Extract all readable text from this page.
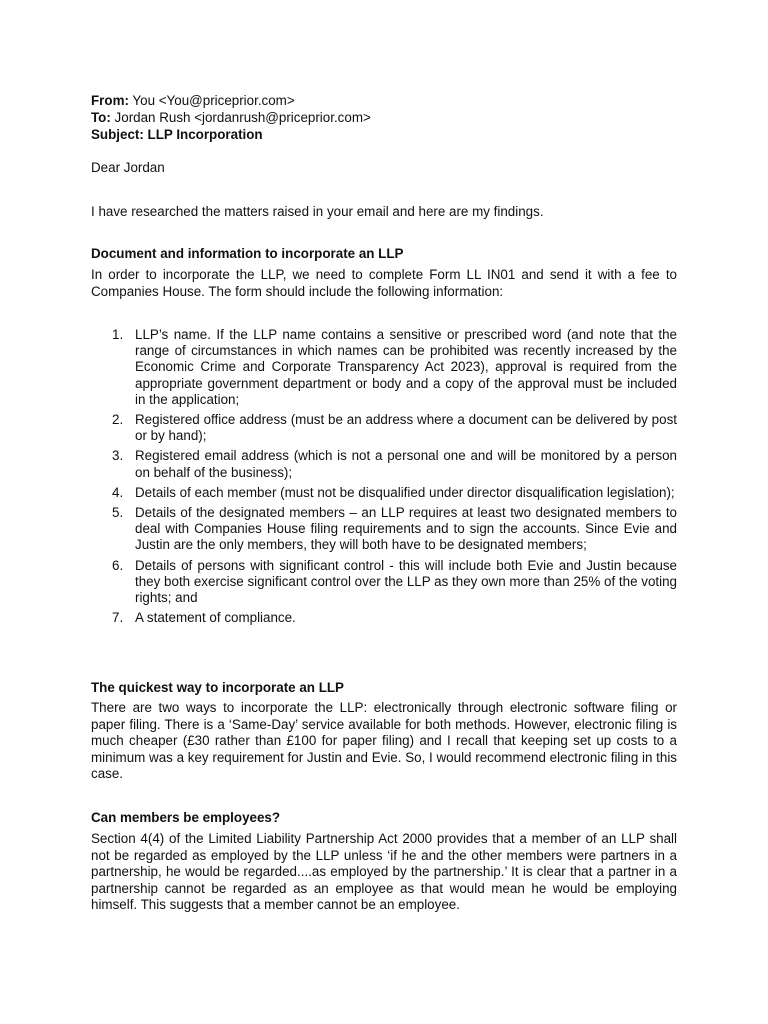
From: You <You@priceprior.com>
To: Jordan Rush <jordanrush@priceprior.com>
Subject: LLP Incorporation
Dear Jordan
I have researched the matters raised in your email and here are my findings.
Document and information to incorporate an LLP
In order to incorporate the LLP, we need to complete Form LL IN01 and send it with a fee to Companies House. The form should include the following information:
1. LLP’s name. If the LLP name contains a sensitive or prescribed word (and note that the range of circumstances in which names can be prohibited was recently increased by the Economic Crime and Corporate Transparency Act 2023), approval is required from the appropriate government department or body and a copy of the approval must be included in the application;
2. Registered office address (must be an address where a document can be delivered by post or by hand);
3. Registered email address (which is not a personal one and will be monitored by a person on behalf of the business);
4. Details of each member (must not be disqualified under director disqualification legislation);
5. Details of the designated members – an LLP requires at least two designated members to deal with Companies House filing requirements and to sign the accounts. Since Evie and Justin are the only members, they will both have to be designated members;
6. Details of persons with significant control - this will include both Evie and Justin because they both exercise significant control over the LLP as they own more than 25% of the voting rights; and
7. A statement of compliance.
The quickest way to incorporate an LLP
There are two ways to incorporate the LLP: electronically through electronic software filing or paper filing. There is a ‘Same-Day’ service available for both methods. However, electronic filing is much cheaper (£30 rather than £100 for paper filing) and I recall that keeping set up costs to a minimum was a key requirement for Justin and Evie. So, I would recommend electronic filing in this case.
Can members be employees?
Section 4(4) of the Limited Liability Partnership Act 2000 provides that a member of an LLP shall not be regarded as employed by the LLP unless ‘if he and the other members were partners in a partnership, he would be regarded....as employed by the partnership.’ It is clear that a partner in a partnership cannot be regarded as an employee as that would mean he would be employing himself. This suggests that a member cannot be an employee.
